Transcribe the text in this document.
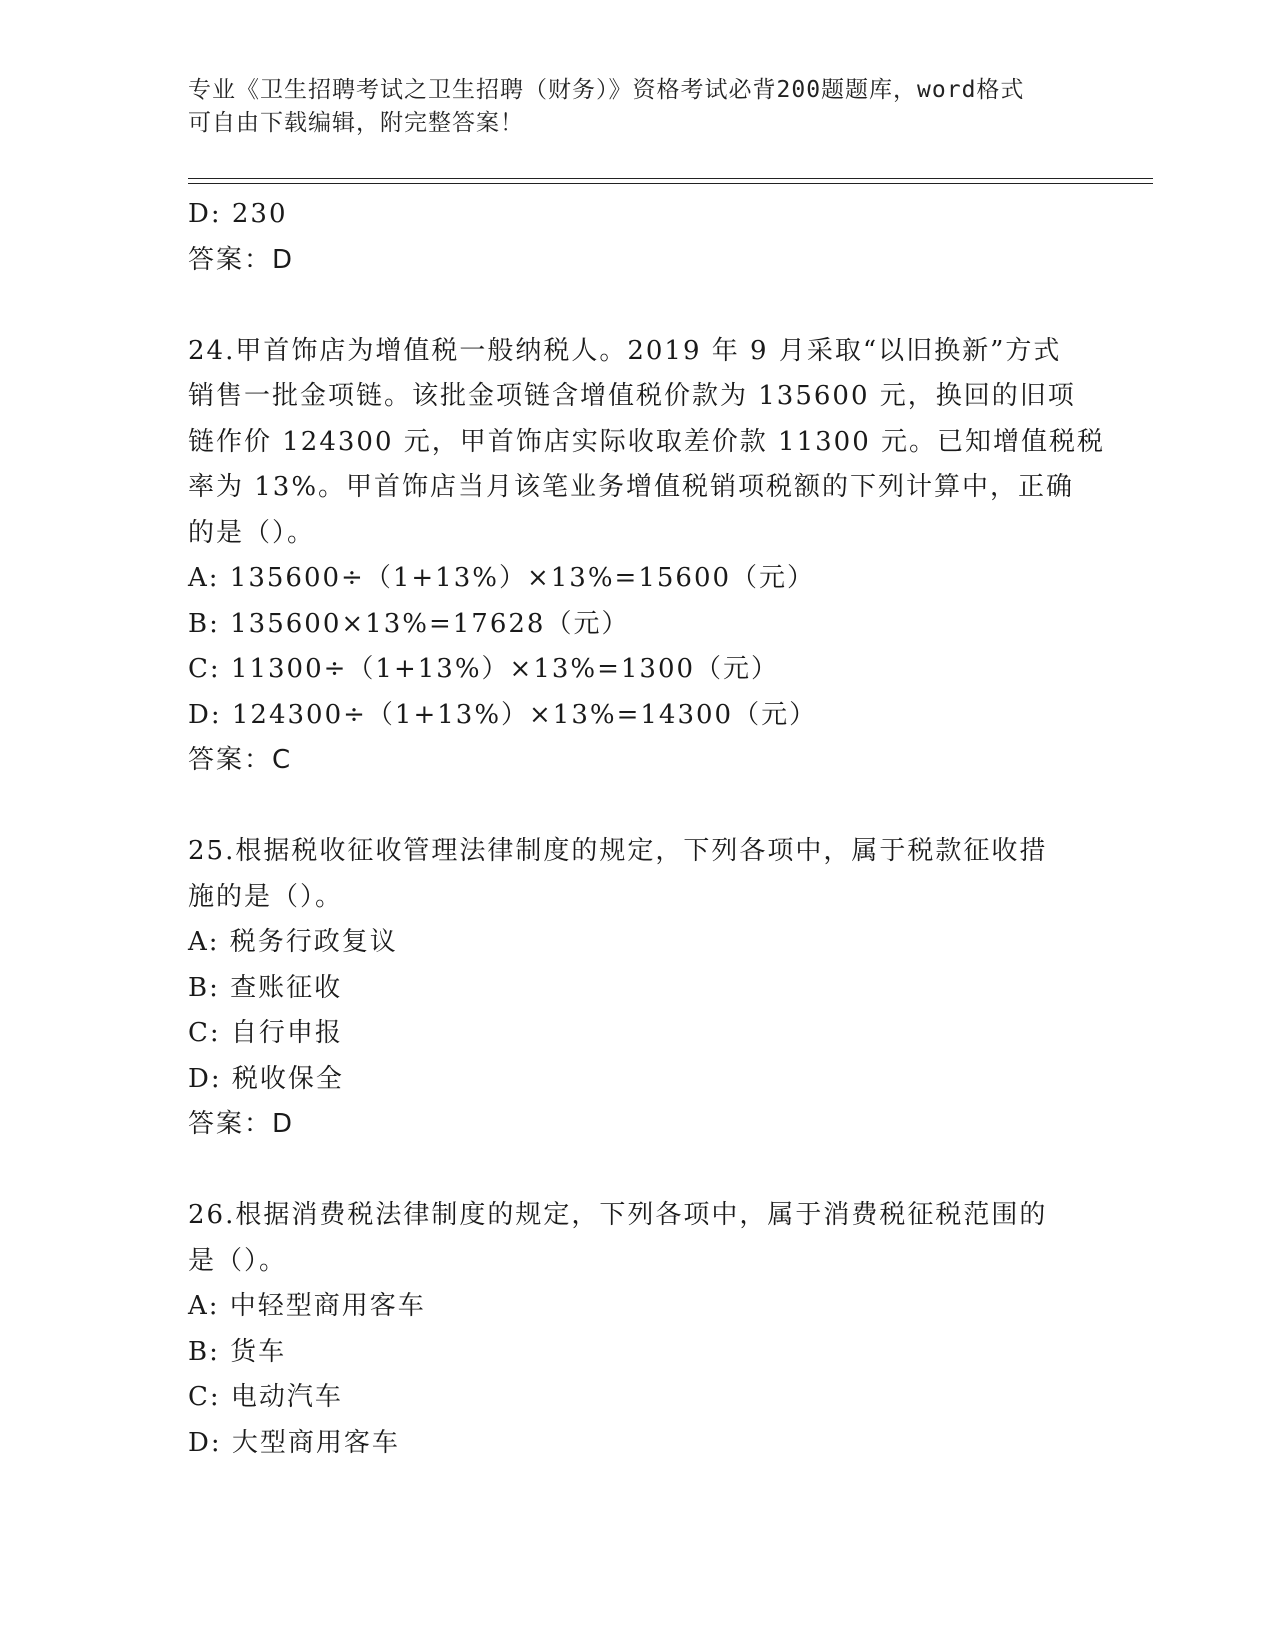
专业《卫生招聘考试之卫生招聘（财务）》资格考试必背200题题库，word格式
可自由下载编辑，附完整答案！
D: 230
答案：D
24.甲首饰店为增值税一般纳税人。2019 年 9 月采取“以旧换新”方式
销售一批金项链。该批金项链含增值税价款为 135600 元，换回的旧项
链作价 124300 元，甲首饰店实际收取差价款 11300 元。已知增值税税
率为 13%。甲首饰店当月该笔业务增值税销项税额的下列计算中，正确
的是（）。
A: 135600÷（1+13%）×13%=15600（元）
B: 135600×13%=17628（元）
C: 11300÷（1+13%）×13%=1300（元）
D: 124300÷（1+13%）×13%=14300（元）
答案：C
25.根据税收征收管理法律制度的规定，下列各项中，属于税款征收措
施的是（）。
A: 税务行政复议
B: 查账征收
C: 自行申报
D: 税收保全
答案：D
26.根据消费税法律制度的规定，下列各项中，属于消费税征税范围的
是（）。
A: 中轻型商用客车
B: 货车
C: 电动汽车
D: 大型商用客车
